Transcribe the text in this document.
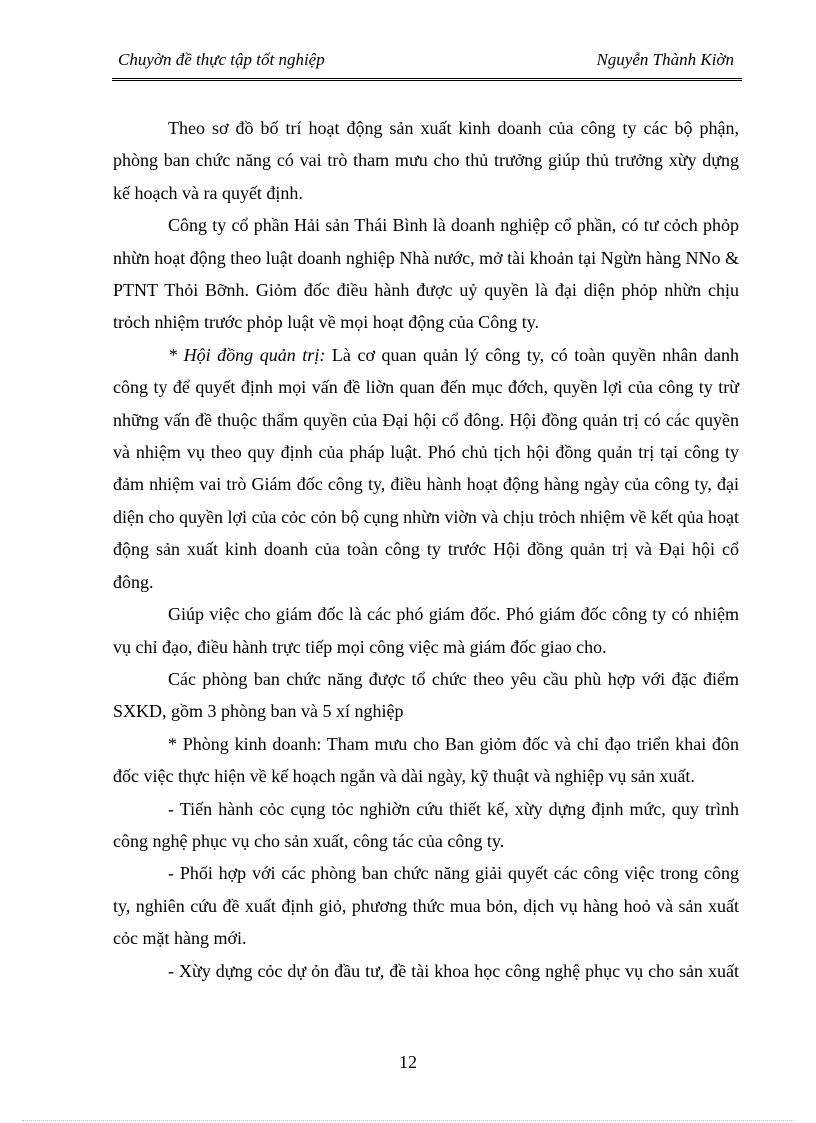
Chuyờn đề thực tập tốt nghiệp	Nguyễn Thành Kiờn

Theo sơ đồ bố trí hoạt động sản xuất kinh doanh của công ty các bộ phận, phòng ban chức năng có vai trò tham mưu cho thủ trưởng giúp thủ trưởng xừy dựng kế hoạch và ra quyết định.

Công ty cổ phần Hải sản Thái Bình là doanh nghiệp cổ phần, có tư cỏch phỏp nhừn hoạt động theo luật doanh nghiệp Nhà nước, mở tài khoản tại Ngừn hàng NNo & PTNT Thỏi Bỡnh. Giỏm đốc điều hành được uỷ quyền là đại diện phỏp nhừn chịu trỏch nhiệm trước phỏp luật về mọi hoạt động của Công ty.

* Hội đồng quản trị: Là cơ quan quản lý công ty, có toàn quyền nhân danh công ty để quyết định mọi vấn đề liờn quan đến mục đớch, quyền lợi của công ty trừ những vấn đề thuộc thẩm quyền của Đại hội cổ đông. Hội đồng quản trị có các quyền và nhiệm vụ theo quy định của pháp luật. Phó chủ tịch hội đồng quản trị tại công ty đảm nhiệm vai trò Giám đốc công ty, điều hành hoạt động hàng ngày của công ty, đại diện cho quyền lợi của cỏc cỏn bộ cụng nhừn viờn và chịu trỏch nhiệm về kết qủa hoạt động sản xuất kinh doanh của toàn công ty trước Hội đồng quản trị và Đại hội cổ đông.

Giúp việc cho giám đốc là các phó giám đốc. Phó giám đốc công ty có nhiệm vụ chỉ đạo, điều hành trực tiếp mọi công việc mà giám đốc giao cho.

Các phòng ban chức năng được tổ chức theo yêu cầu phù hợp với đặc điểm SXKD, gồm 3 phòng ban và 5 xí nghiệp

* Phòng kinh doanh: Tham mưu cho Ban giỏm đốc và chỉ đạo triển khai đôn đốc việc thực hiện về kế hoạch ngắn và dài ngày, kỹ thuật và nghiệp vụ sản xuất.

- Tiến hành cỏc cụng tỏc nghiờn cứu thiết kế, xừy dựng định mức, quy trình công nghệ phục vụ cho sản xuất, công tác của công ty.

- Phối hợp với các phòng ban chức năng giải quyết các công việc trong công ty, nghiên cứu đề xuất định giỏ, phương thức mua bỏn, dịch vụ hàng hoỏ và sản xuất cỏc mặt hàng mới.

- Xừy dựng cỏc dự ỏn đầu tư, đề tài khoa học công nghệ phục vụ cho sản xuất

12
